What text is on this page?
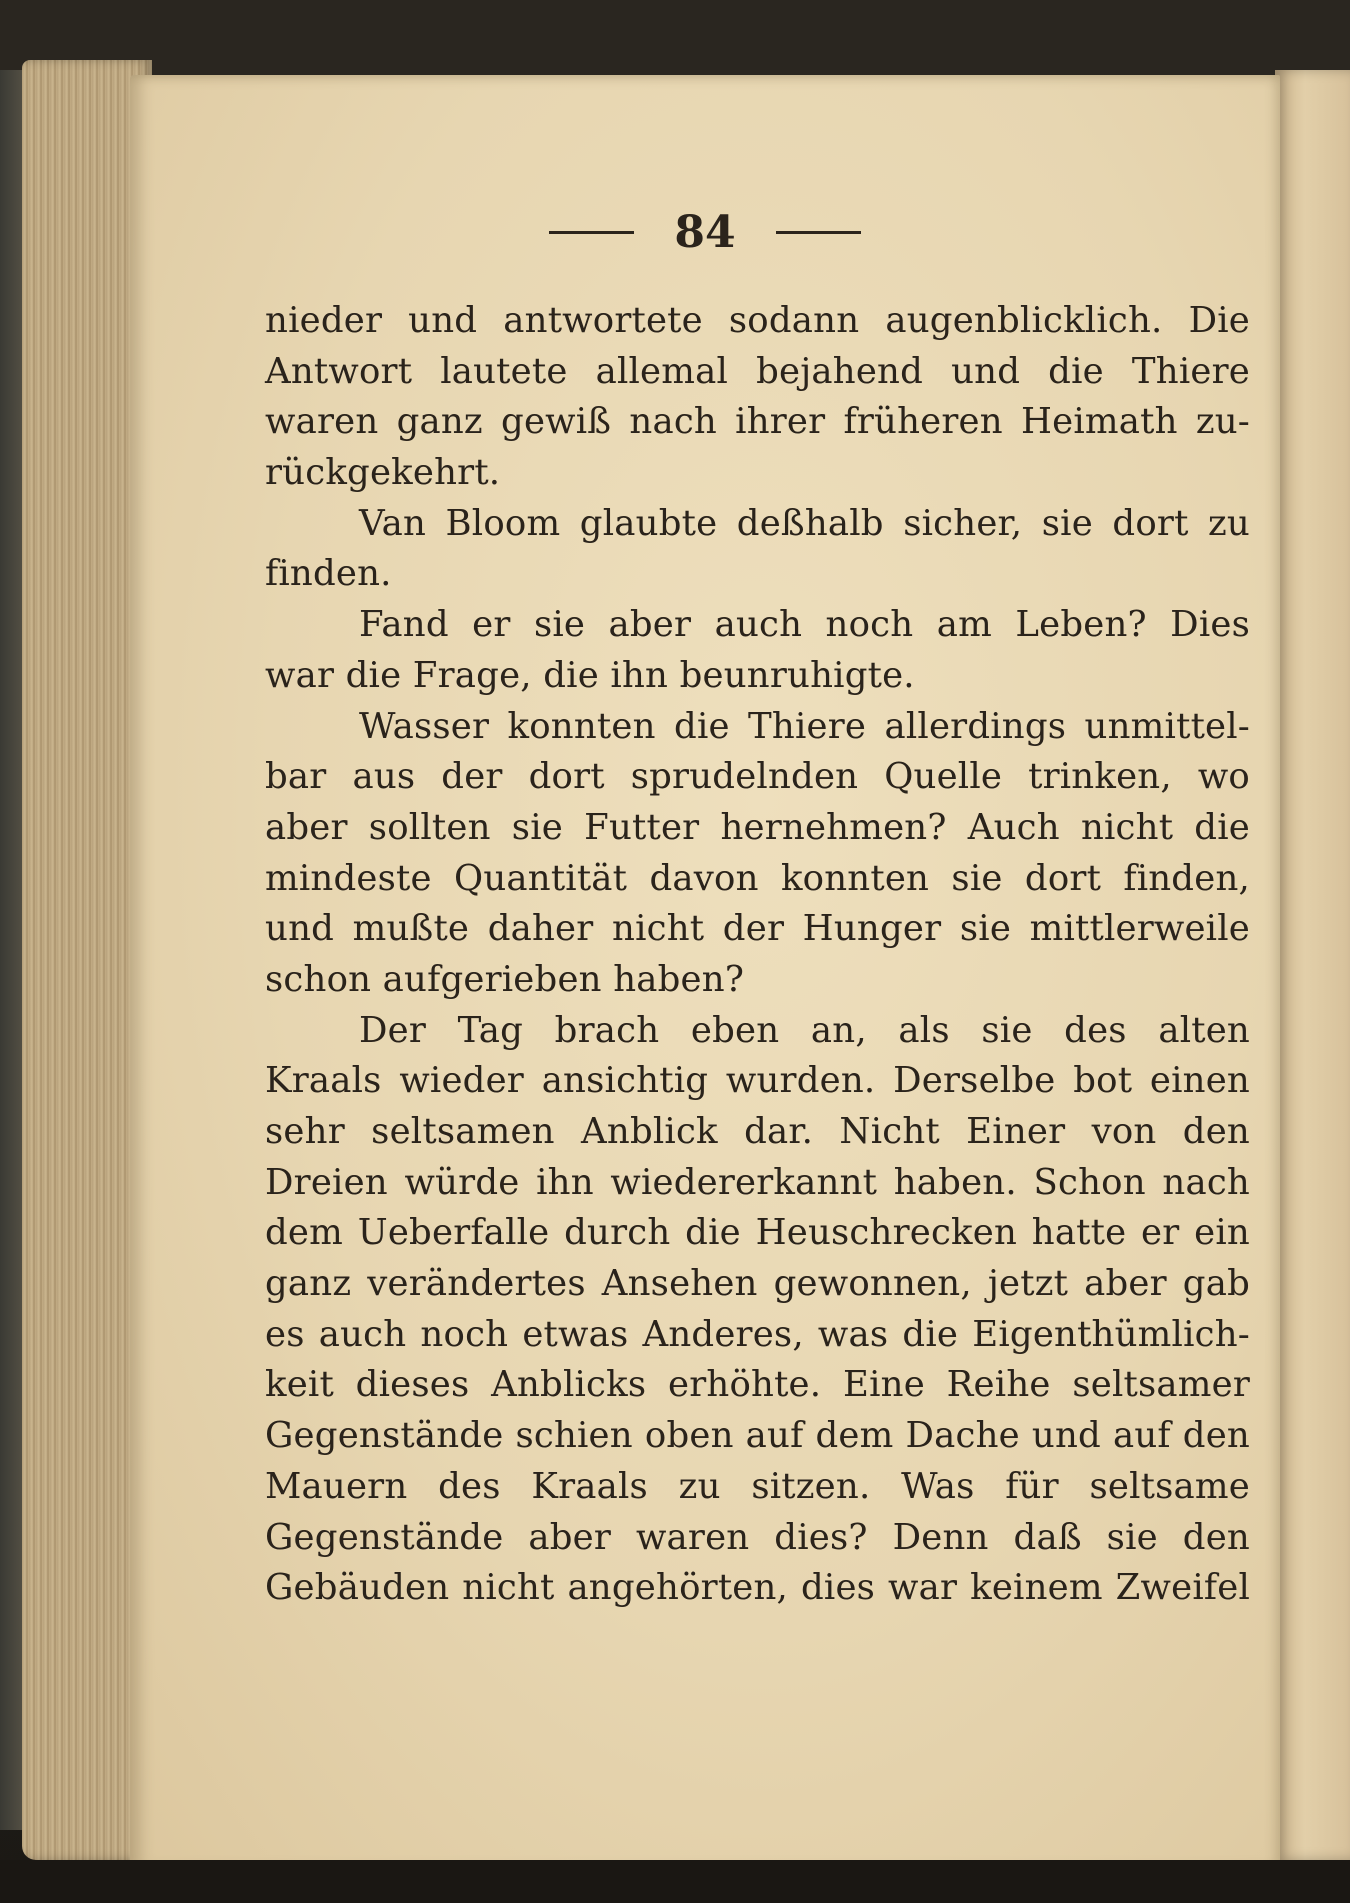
84
nieder und antwortete sodann augenblicklich. Die
Antwort lautete allemal bejahend und die Thiere
waren ganz gewiß nach ihrer früheren Heimath zu-
rückgekehrt.
Van Bloom glaubte deßhalb sicher, sie dort zu
finden.
Fand er sie aber auch noch am Leben? Dies
war die Frage, die ihn beunruhigte.
Wasser konnten die Thiere allerdings unmittel-
bar aus der dort sprudelnden Quelle trinken, wo
aber sollten sie Futter hernehmen? Auch nicht die
mindeste Quantität davon konnten sie dort finden,
und mußte daher nicht der Hunger sie mittlerweile
schon aufgerieben haben?
Der Tag brach eben an, als sie des alten
Kraals wieder ansichtig wurden. Derselbe bot einen
sehr seltsamen Anblick dar. Nicht Einer von den
Dreien würde ihn wiedererkannt haben. Schon nach
dem Ueberfalle durch die Heuschrecken hatte er ein
ganz verändertes Ansehen gewonnen, jetzt aber gab
es auch noch etwas Anderes, was die Eigenthümlich-
keit dieses Anblicks erhöhte. Eine Reihe seltsamer
Gegenstände schien oben auf dem Dache und auf den
Mauern des Kraals zu sitzen. Was für seltsame
Gegenstände aber waren dies? Denn daß sie den
Gebäuden nicht angehörten, dies war keinem Zweifel
